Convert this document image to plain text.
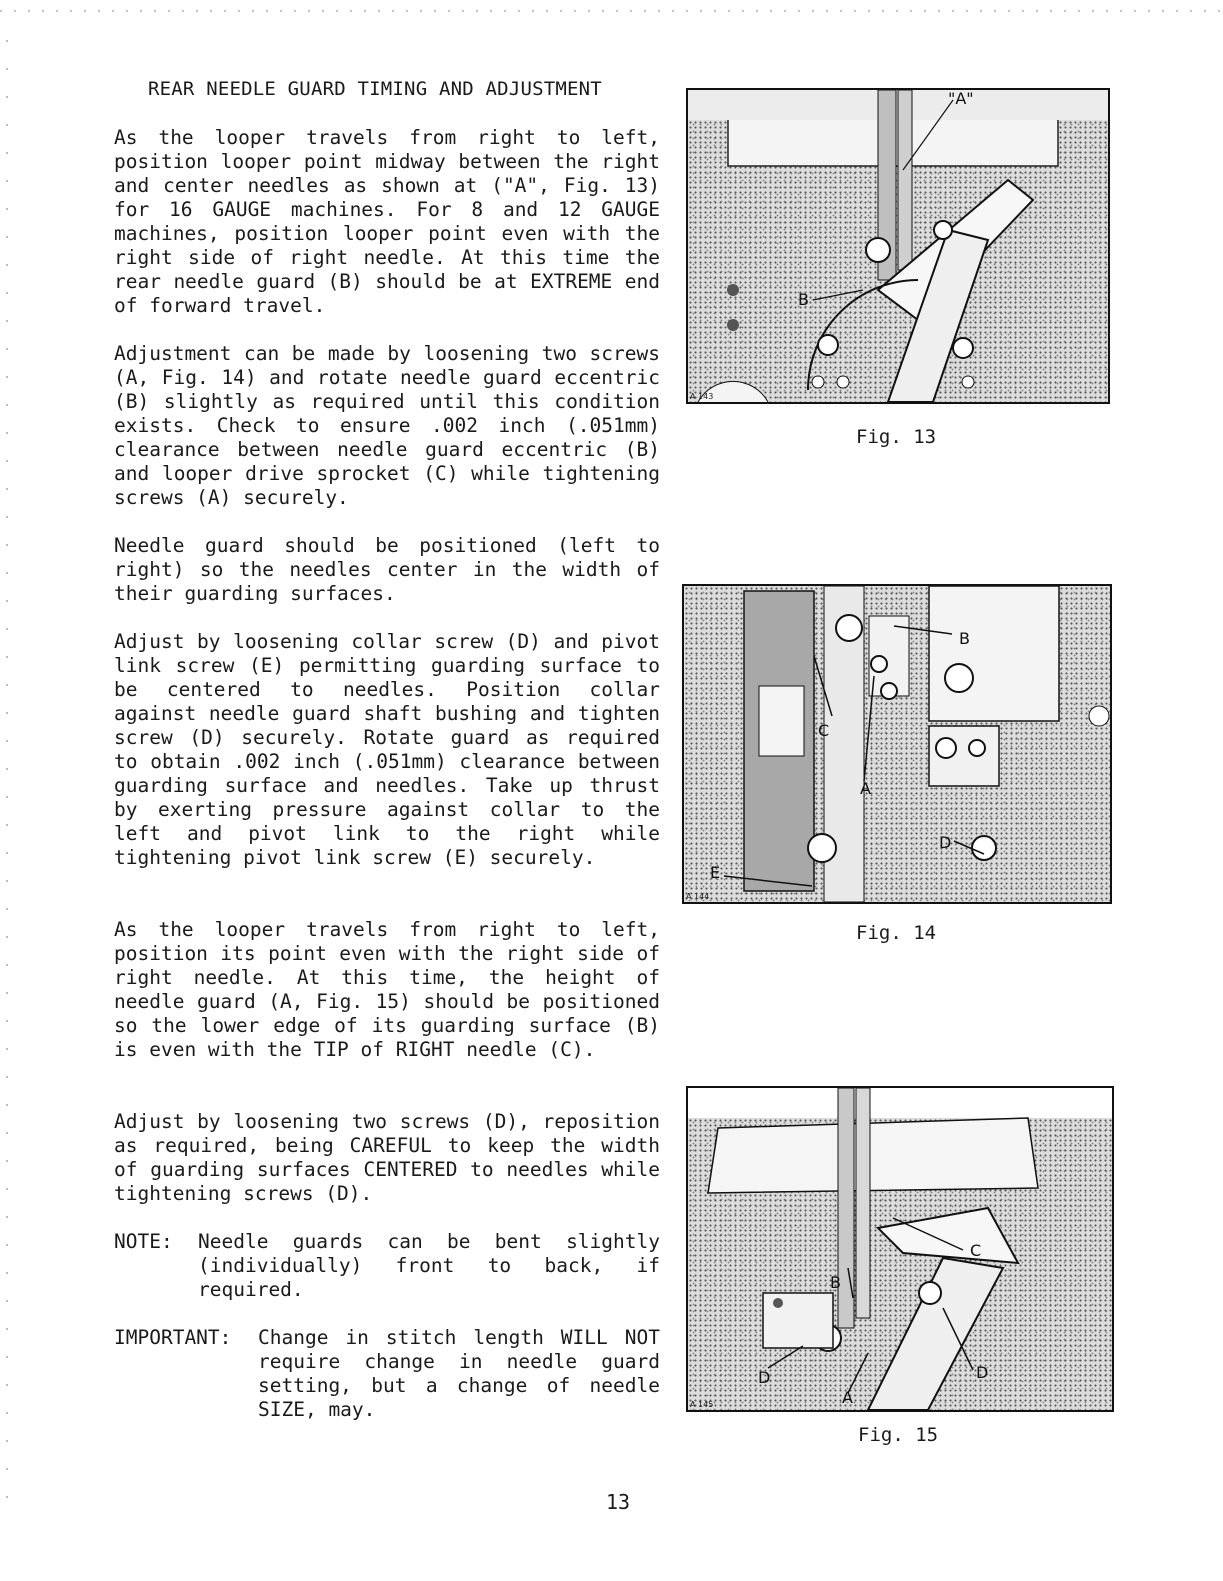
REAR NEEDLE GUARD TIMING AND ADJUSTMENT

As the looper travels from right to left, position looper point midway between the right and center needles as shown at ("A", Fig. 13) for 16 GAUGE machines. For 8 and 12 GAUGE machines, position looper point even with the right side of right needle. At this time the rear needle guard (B) should be at EXTREME end of forward travel.

Adjustment can be made by loosening two screws (A, Fig. 14) and rotate needle guard eccentric (B) slightly as required until this condition exists. Check to ensure .002 inch (.051mm) clearance between needle guard eccentric (B) and looper drive sprocket (C) while tightening screws (A) securely.

Needle guard should be positioned (left to right) so the needles center in the width of their guarding surfaces.

Adjust by loosening collar screw (D) and pivot link screw (E) permitting guarding surface to be centered to needles. Position collar against needle guard shaft bushing and tighten screw (D) securely. Rotate guard as required to obtain .002 inch (.051mm) clearance between guarding surface and needles. Take up thrust by exerting pressure against collar to the left and pivot link to the right while tightening pivot link screw (E) securely.

As the looper travels from right to left, position its point even with the right side of right needle. At this time, the height of needle guard (A, Fig. 15) should be positioned so the lower edge of its guarding surface (B) is even with the TIP of RIGHT needle (C).

Adjust by loosening two screws (D), reposition as required, being CAREFUL to keep the width of guarding surfaces CENTERED to needles while tightening screws (D).

NOTE: Needle guards can be bent slightly (individually) front to back, if required.
IMPORTANT: Change in stitch length WILL NOT require change in needle guard setting, but a change of needle SIZE, may.
"A"
B
A 143
Fig. 13
B
C
A
D
E
A 144
Fig. 14
C
B
D	D
A
A 145
Fig. 15
13
